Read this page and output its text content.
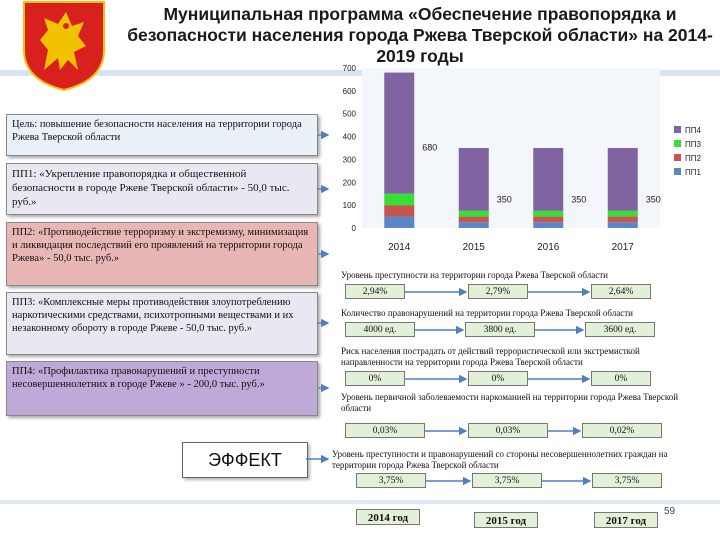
Муниципальная программа «Обеспечение правопорядка и безопасности населения города Ржева Тверской области» на 2014-2019 годы
Цель: повышение безопасности населения на территории города Ржева Тверской области
ПП1: «Укрепление правопорядка и общественной безопасности в городе Ржеве Тверской области» - 50,0 тыс. руб.»
ПП2: «Противодействие терроризму и экстремизму, минимизация и ликвидация последствий его проявлений на территории города Ржева» - 50,0 тыс. руб.»
ПП3: «Комплексные меры противодействия злоупотреблению наркотическими средствами, психотропными веществами и их незаконному обороту в городе Ржеве - 50,0 тыс. руб.»
ПП4: «Профилактика правонарушений и преступности несовершеннолетних в городе Ржеве » - 200,0 тыс. руб.»
ЭФФЕКТ
0
100
200
300
400
500
600
700
2014
680
2015
350
2016
350
2017
350
ПП4
ПП3
ПП2
ПП1
Уровень преступности на территории города Ржева Тверской области
2,94%	2,79%	2,64%
Количество правонарушений на территории города Ржева Тверской области
4000 ед.	3800 ед.	3600 ед.
Риск населения пострадать от действий террористической или экстремисткой направленности на территории города Ржева Тверской области
0%	0%	0%
Уровень первичной заболеваемости наркоманией на территории города Ржева Тверской области
0,03%	0,03%	0,02%
Уровень преступности и правонарушений со стороны несовершеннолетних граждан на территории города Ржева Тверской области
3,75%	3,75%	3,75%
2014 год	2015 год	2017 год
59
